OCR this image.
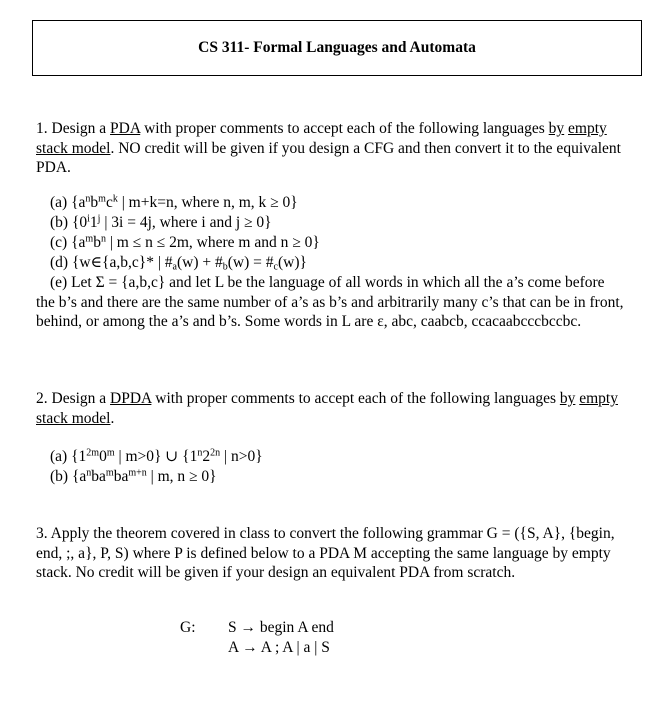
CS 311- Formal Languages and Automata
1. Design a PDA with proper comments to accept each of the following languages by empty stack model. NO credit will be given if you design a CFG and then convert it to the equivalent PDA.
(a) {$a^nb^mc^k$ | m+k=n, where n, m, k ≥ 0}
(b) {0$^i$1$^j$ | 3i = 4j, where i and j ≥ 0}
(c) {$a^mb^n$ | m ≤ n ≤ 2m, where m and n ≥ 0}
(d) {w∈{a,b,c}* | $\#_a(w)$ + $\#_b(w)$ = $\#_c(w)$}
(e) Let Σ = {a,b,c} and let L be the language of all words in which all the a’s come before the b’s and there are the same number of a’s as b’s and arbitrarily many c’s that can be in front, behind, or among the a’s and b’s. Some words in L are ε, abc, caabcb, ccacaabcccbccbc.
2. Design a DPDA with proper comments to accept each of the following languages by empty stack model.
(a) {$1^{2m}0^m$ | m>0} ∪ {$1^n2^{2n}$ | n>0}
(b) {$a^nba^mba^{m+n}$ | m, n ≥ 0}
3. Apply the theorem covered in class to convert the following grammar G = ({S, A}, {begin, end, ;, a}, P, S) where P is defined below to a PDA M accepting the same language by empty stack. No credit will be given if your design an equivalent PDA from scratch.
G: S → begin A end
A → A ; A | a | S
